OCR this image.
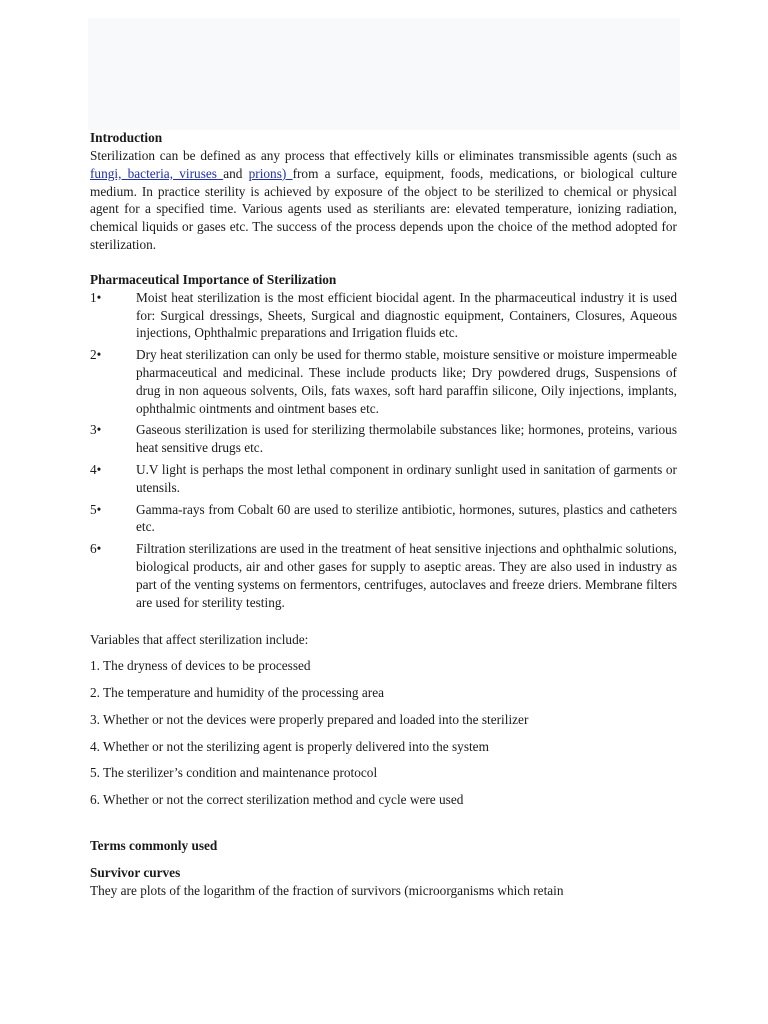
Introduction

Sterilization can be defined as any process that effectively kills or eliminates transmissible agents (such as fungi, bacteria, viruses and prions) from a surface, equipment, foods, medications, or biological culture medium. In practice sterility is achieved by exposure of the object to be sterilized to chemical or physical agent for a specified time. Various agents used as steriliants are: elevated temperature, ionizing radiation, chemical liquids or gases etc. The success of the process depends upon the choice of the method adopted for sterilization.

Pharmaceutical Importance of Sterilization
1•	Moist heat sterilization is the most efficient biocidal agent. In the pharmaceutical industry it is used for: Surgical dressings, Sheets, Surgical and diagnostic equipment, Containers, Closures, Aqueous injections, Ophthalmic preparations and Irrigation fluids etc.
2•	Dry heat sterilization can only be used for thermo stable, moisture sensitive or moisture impermeable pharmaceutical and medicinal. These include products like; Dry powdered drugs, Suspensions of drug in non aqueous solvents, Oils, fats waxes, soft hard paraffin silicone, Oily injections, implants, ophthalmic ointments and ointment bases etc.
3•	Gaseous sterilization is used for sterilizing thermolabile substances like; hormones, proteins, various heat sensitive drugs etc.
4•	U.V light is perhaps the most lethal component in ordinary sunlight used in sanitation of garments or utensils.
5•	Gamma-rays from Cobalt 60 are used to sterilize antibiotic, hormones, sutures, plastics and catheters etc.
6•	Filtration sterilizations are used in the treatment of heat sensitive injections and ophthalmic solutions, biological products, air and other gases for supply to aseptic areas. They are also used in industry as part of the venting systems on fermentors, centrifuges, autoclaves and freeze driers. Membrane filters are used for sterility testing.

Variables that affect sterilization include:

1. The dryness of devices to be processed

2. The temperature and humidity of the processing area

3. Whether or not the devices were properly prepared and loaded into the sterilizer

4. Whether or not the sterilizing agent is properly delivered into the system

5. The sterilizer’s condition and maintenance protocol

6. Whether or not the correct sterilization method and cycle were used

Terms commonly used
Survivor curves

They are plots of the logarithm of the fraction of survivors (microorganisms which retain
